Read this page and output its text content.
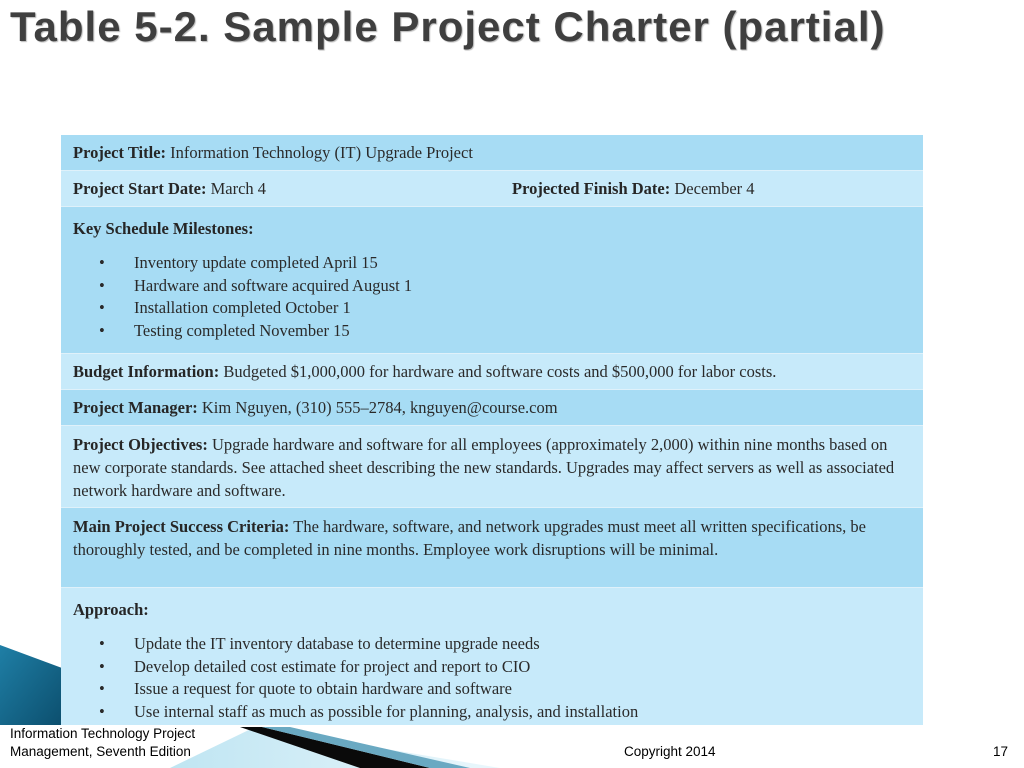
Table 5-2. Sample Project Charter (partial)
Project Title: Information Technology (IT) Upgrade Project
Project Start Date: March 4	Projected Finish Date: December 4
Key Schedule Milestones:
• Inventory update completed April 15
• Hardware and software acquired August 1
• Installation completed October 1
• Testing completed November 15
Budget Information: Budgeted $1,000,000 for hardware and software costs and $500,000 for labor costs.
Project Manager: Kim Nguyen, (310) 555–2784, knguyen@course.com
Project Objectives: Upgrade hardware and software for all employees (approximately 2,000) within nine months based on new corporate standards. See attached sheet describing the new standards. Upgrades may affect servers as well as associated network hardware and software.
Main Project Success Criteria: The hardware, software, and network upgrades must meet all written specifications, be thoroughly tested, and be completed in nine months. Employee work disruptions will be minimal.
Approach:
• Update the IT inventory database to determine upgrade needs
• Develop detailed cost estimate for project and report to CIO
• Issue a request for quote to obtain hardware and software
• Use internal staff as much as possible for planning, analysis, and installation

Information Technology Project
Management, Seventh Edition	Copyright 2014	17
